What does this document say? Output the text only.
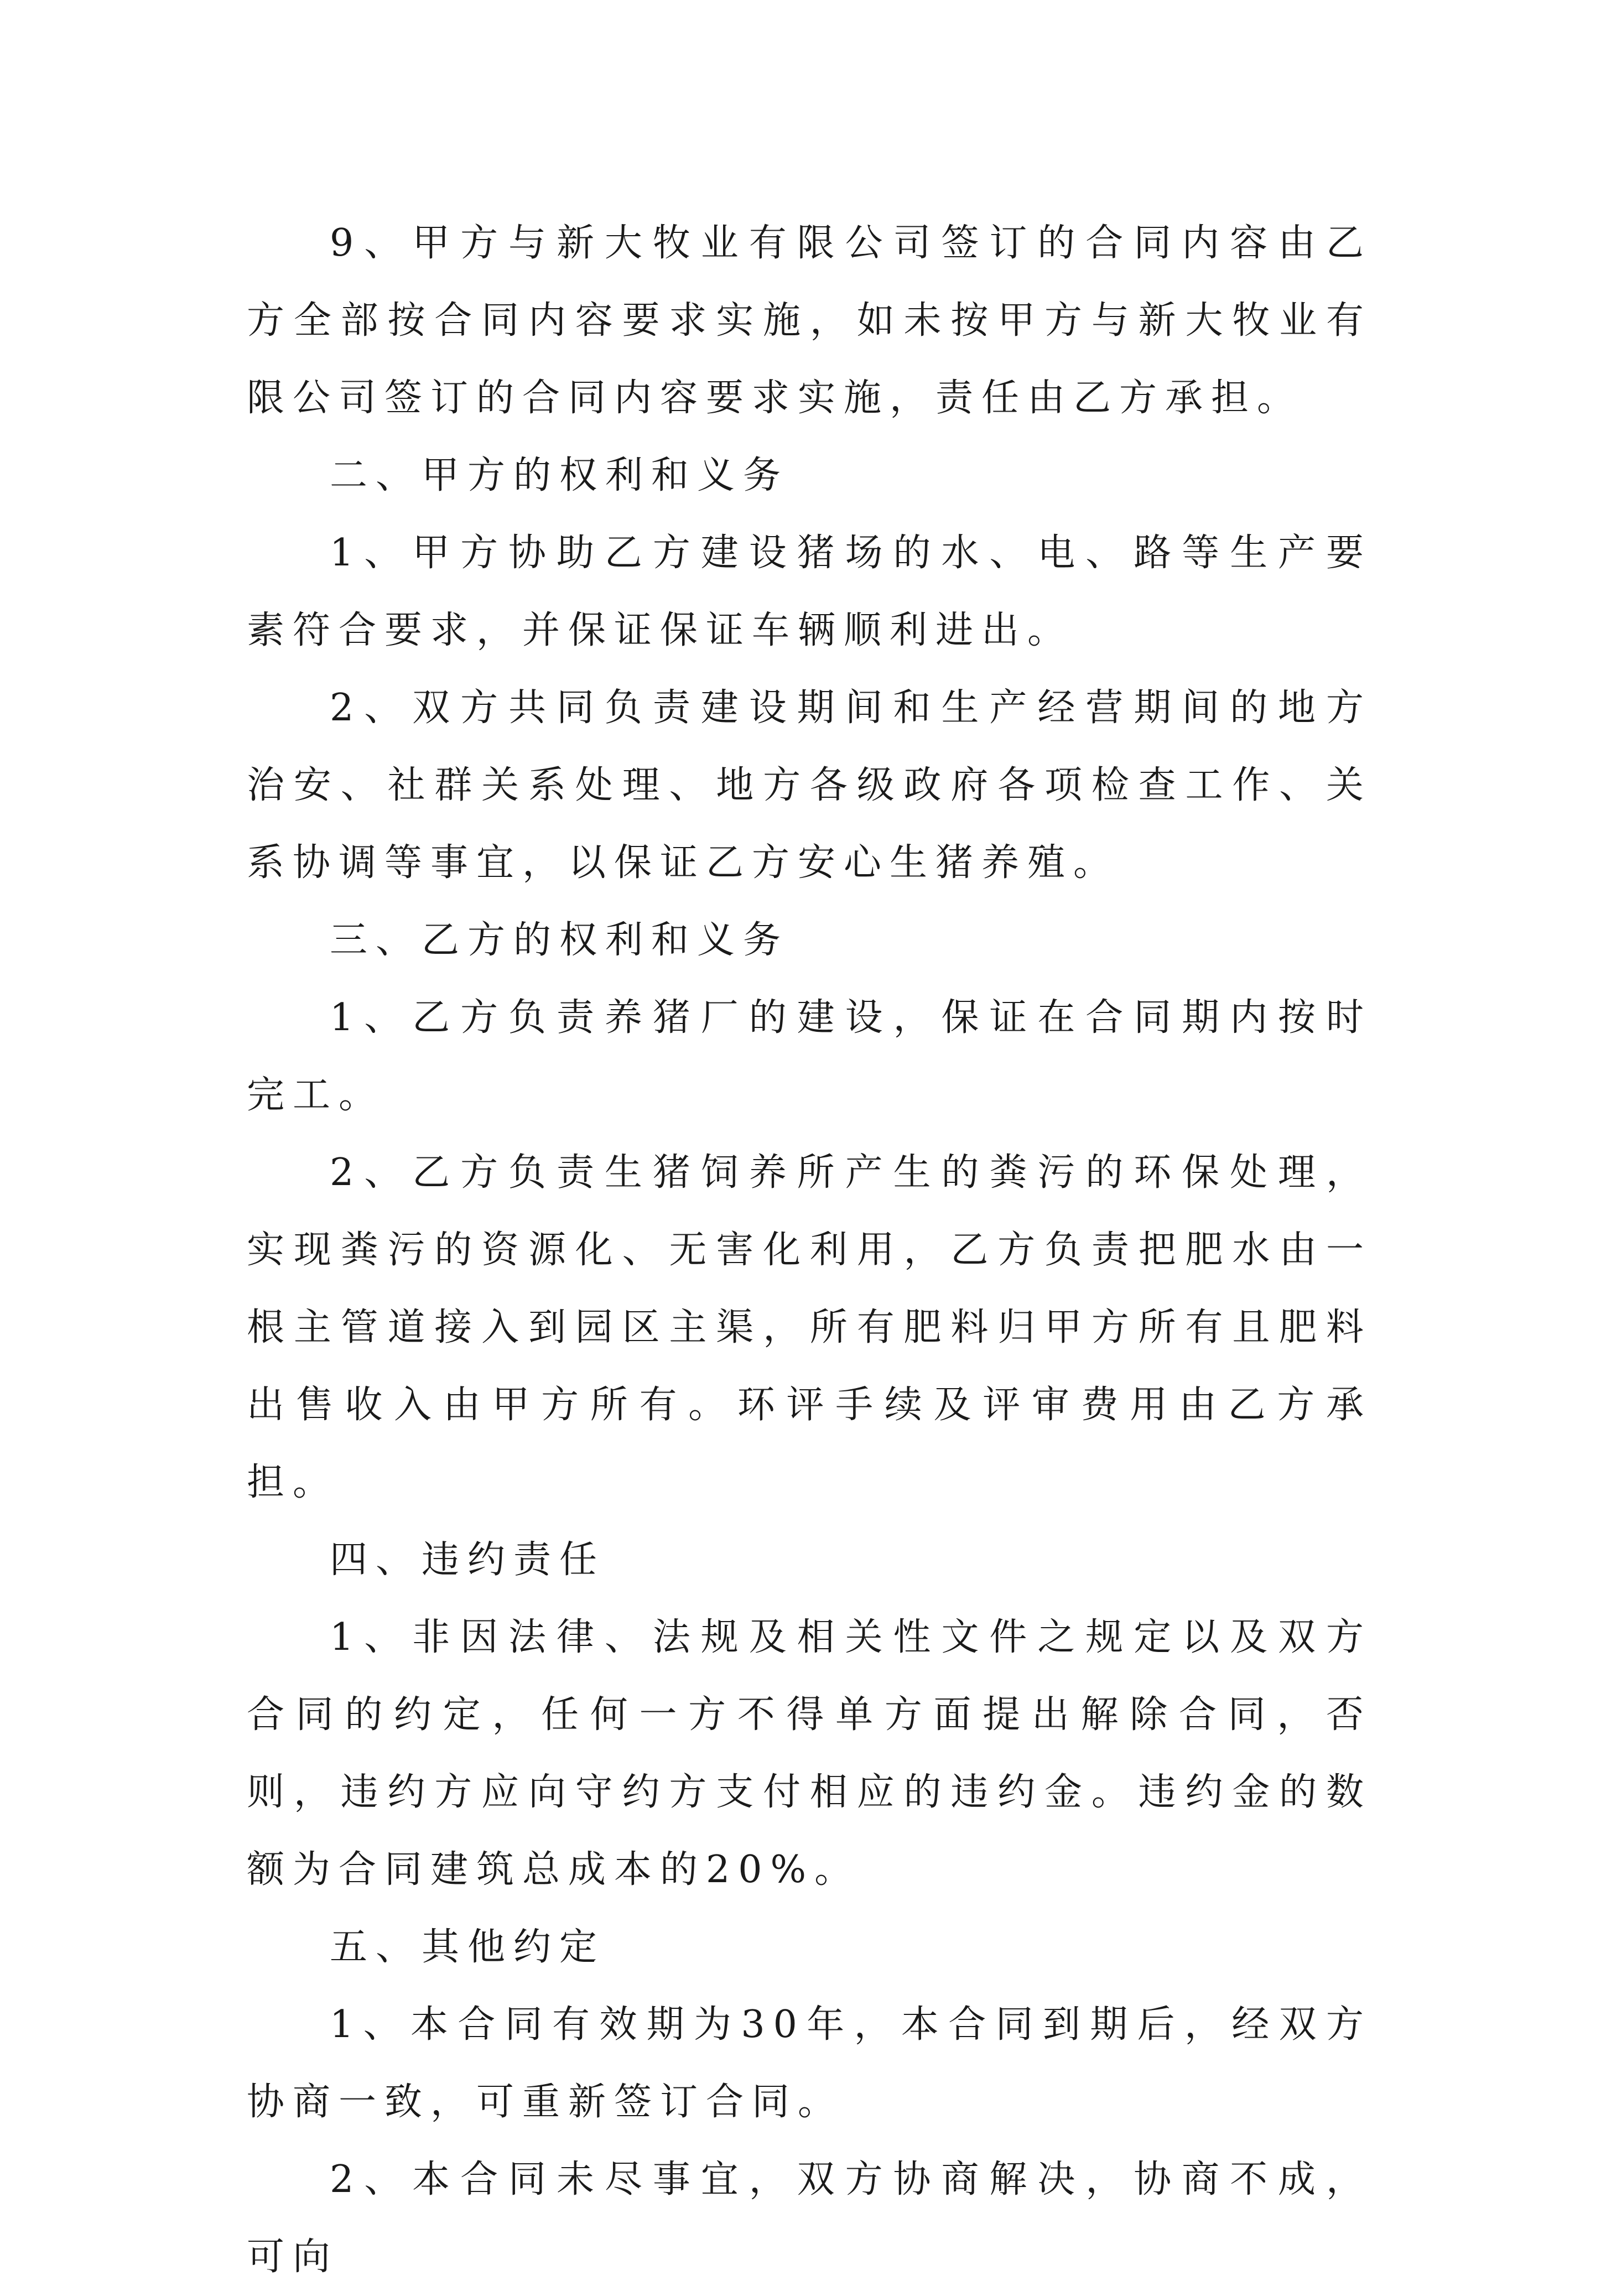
9、甲方与新大牧业有限公司签订的合同内容由乙方全部按合同内容要求实施，如未按甲方与新大牧业有限公司签订的合同内容要求实施，责任由乙方承担。

二、甲方的权利和义务

1、甲方协助乙方建设猪场的水、电、路等生产要素符合要求，并保证保证车辆顺利进出。

2、双方共同负责建设期间和生产经营期间的地方治安、社群关系处理、地方各级政府各项检查工作、关系协调等事宜，以保证乙方安心生猪养殖。

三、乙方的权利和义务

1、乙方负责养猪厂的建设，保证在合同期内按时完工。

2、乙方负责生猪饲养所产生的粪污的环保处理，实现粪污的资源化、无害化利用，乙方负责把肥水由一根主管道接入到园区主渠，所有肥料归甲方所有且肥料出售收入由甲方所有。环评手续及评审费用由乙方承担。

四、违约责任

1、非因法律、法规及相关性文件之规定以及双方合同的约定，任何一方不得单方面提出解除合同，否则，违约方应向守约方支付相应的违约金。违约金的数额为合同建筑总成本的20%。

五、其他约定

1、本合同有效期为30年，本合同到期后，经双方协商一致，可重新签订合同。

2、本合同未尽事宜，双方协商解决，协商不成，可向
